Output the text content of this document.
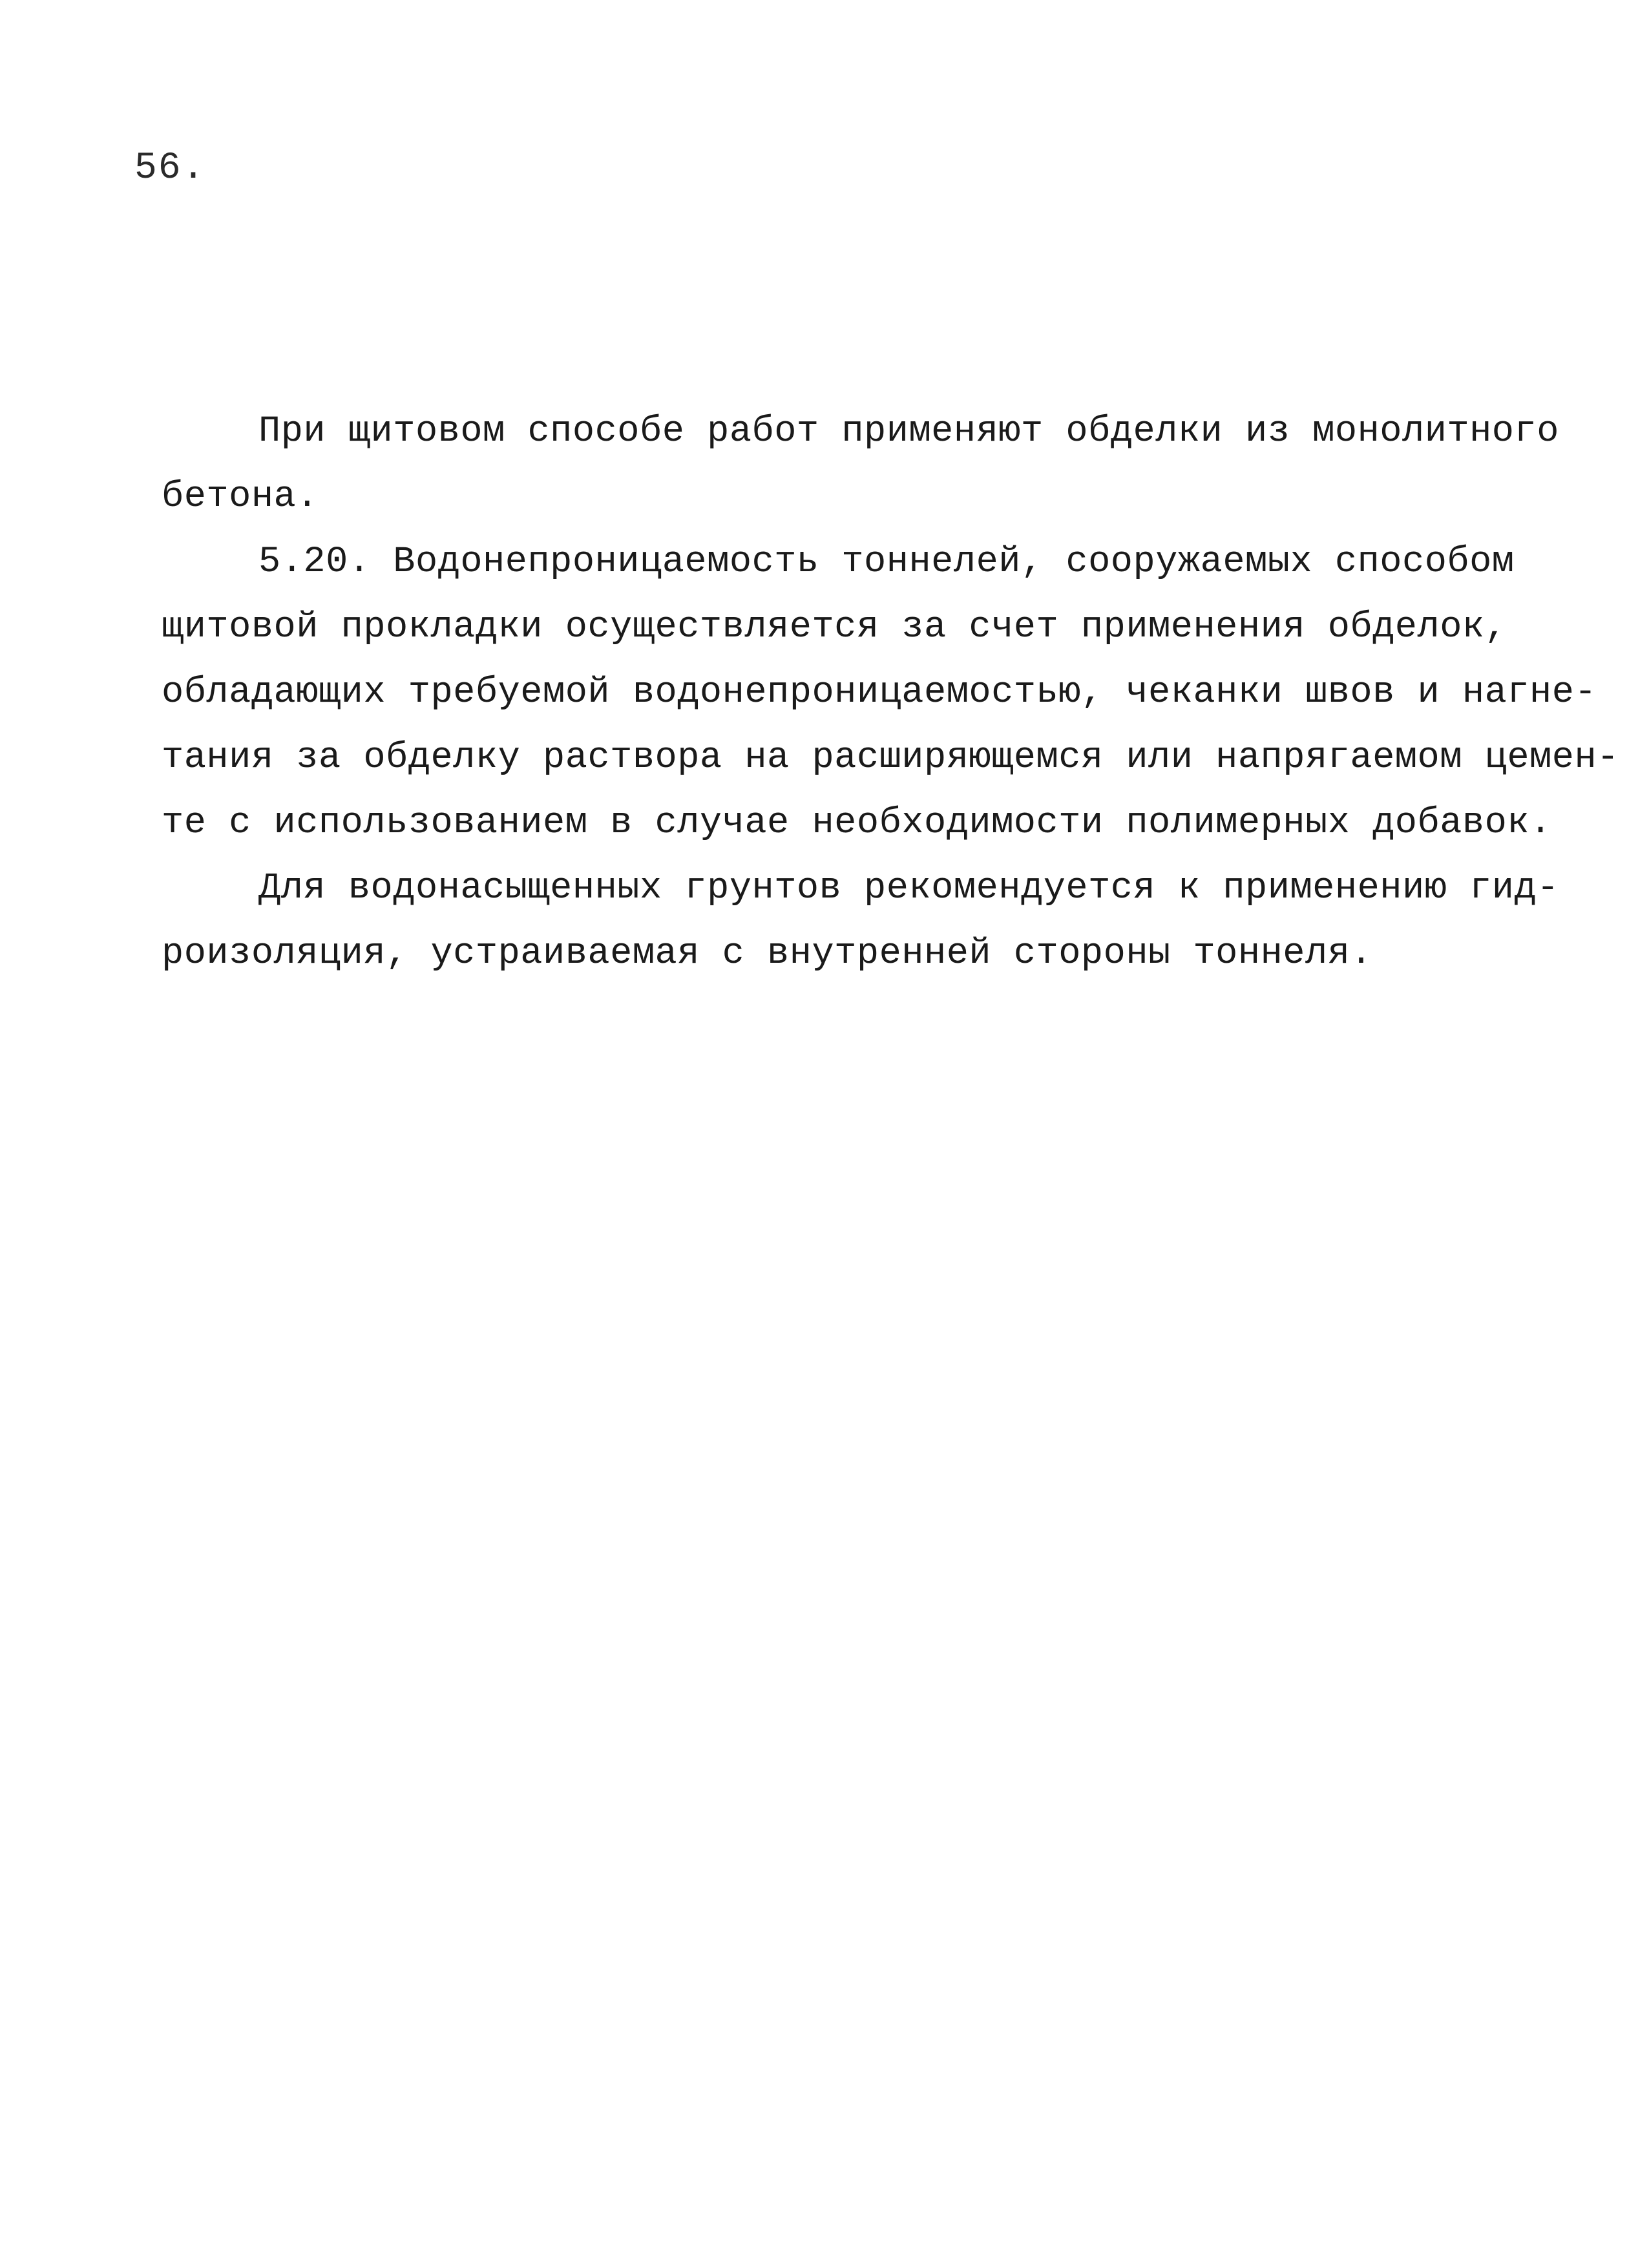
56.
При щитовом способе работ применяют обделки из монолитного
бетона.
5.20. Водонепроницаемость тоннелей, сооружаемых способом
щитовой прокладки осуществляется за счет применения обделок,
обладающих требуемой водонепроницаемостью, чеканки швов и нагне-
тания за обделку раствора на расширяющемся или напрягаемом цемен-
те с использованием в случае необходимости полимерных добавок.
Для водонасыщенных грунтов рекомендуется к применению гид-
роизоляция, устраиваемая с внутренней стороны тоннеля.
